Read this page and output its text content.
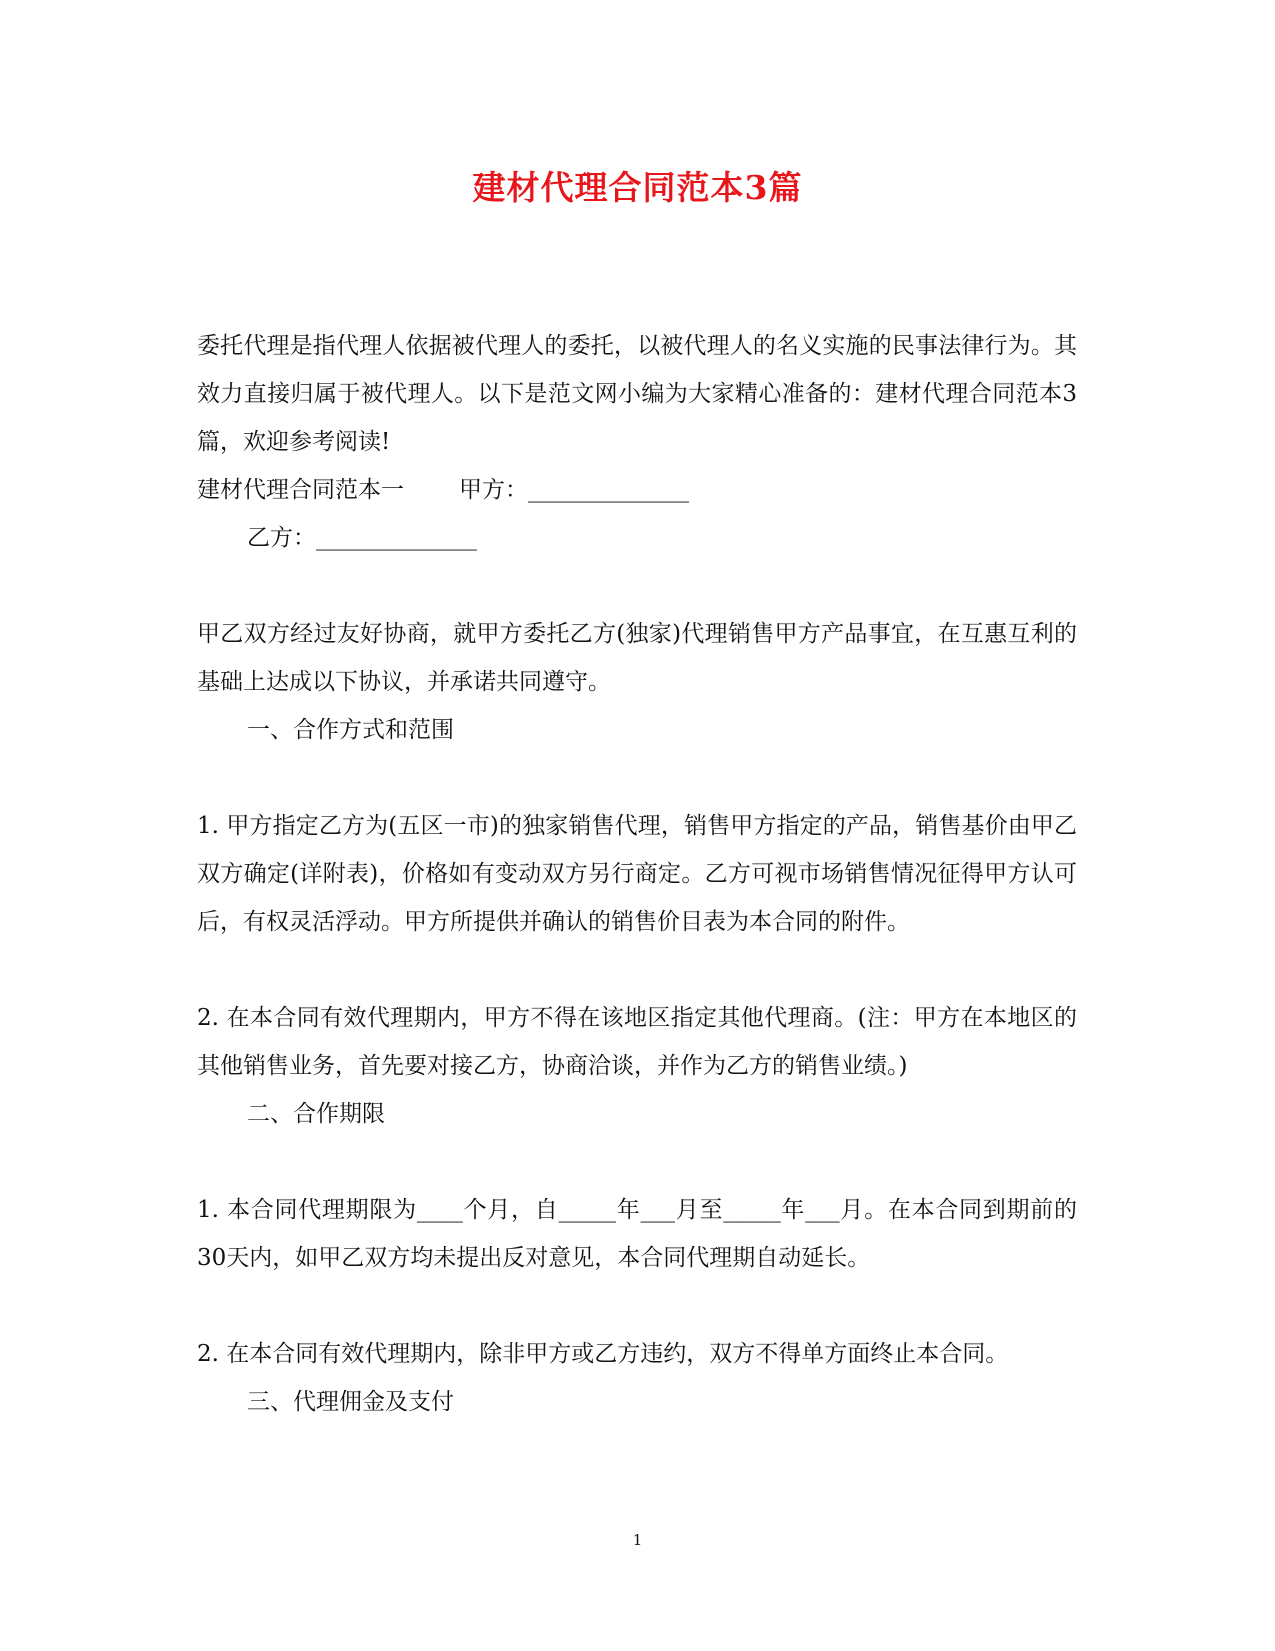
建材代理合同范本3篇

委托代理是指代理人依据被代理人的委托，以被代理人的名义实施的民事法律行为。其效力直接归属于被代理人。以下是范文网小编为大家精心准备的：建材代理合同范本3篇，欢迎参考阅读!

建材代理合同范本一 甲方：______________

乙方：______________

甲乙双方经过友好协商，就甲方委托乙方(独家)代理销售甲方产品事宜，在互惠互利的基础上达成以下协议，并承诺共同遵守。

一、合作方式和范围

1. 甲方指定乙方为(五区一市)的独家销售代理，销售甲方指定的产品，销售基价由甲乙双方确定(详附表)，价格如有变动双方另行商定。乙方可视市场销售情况征得甲方认可后，有权灵活浮动。甲方所提供并确认的销售价目表为本合同的附件。

2. 在本合同有效代理期内，甲方不得在该地区指定其他代理商。(注：甲方在本地区的其他销售业务，首先要对接乙方，协商洽谈，并作为乙方的销售业绩。)

二、合作期限

1. 本合同代理期限为____个月，自_____年___月至_____年___月。在本合同到期前的30天内，如甲乙双方均未提出反对意见，本合同代理期自动延长。

2. 在本合同有效代理期内，除非甲方或乙方违约，双方不得单方面终止本合同。

三、代理佣金及支付

1
